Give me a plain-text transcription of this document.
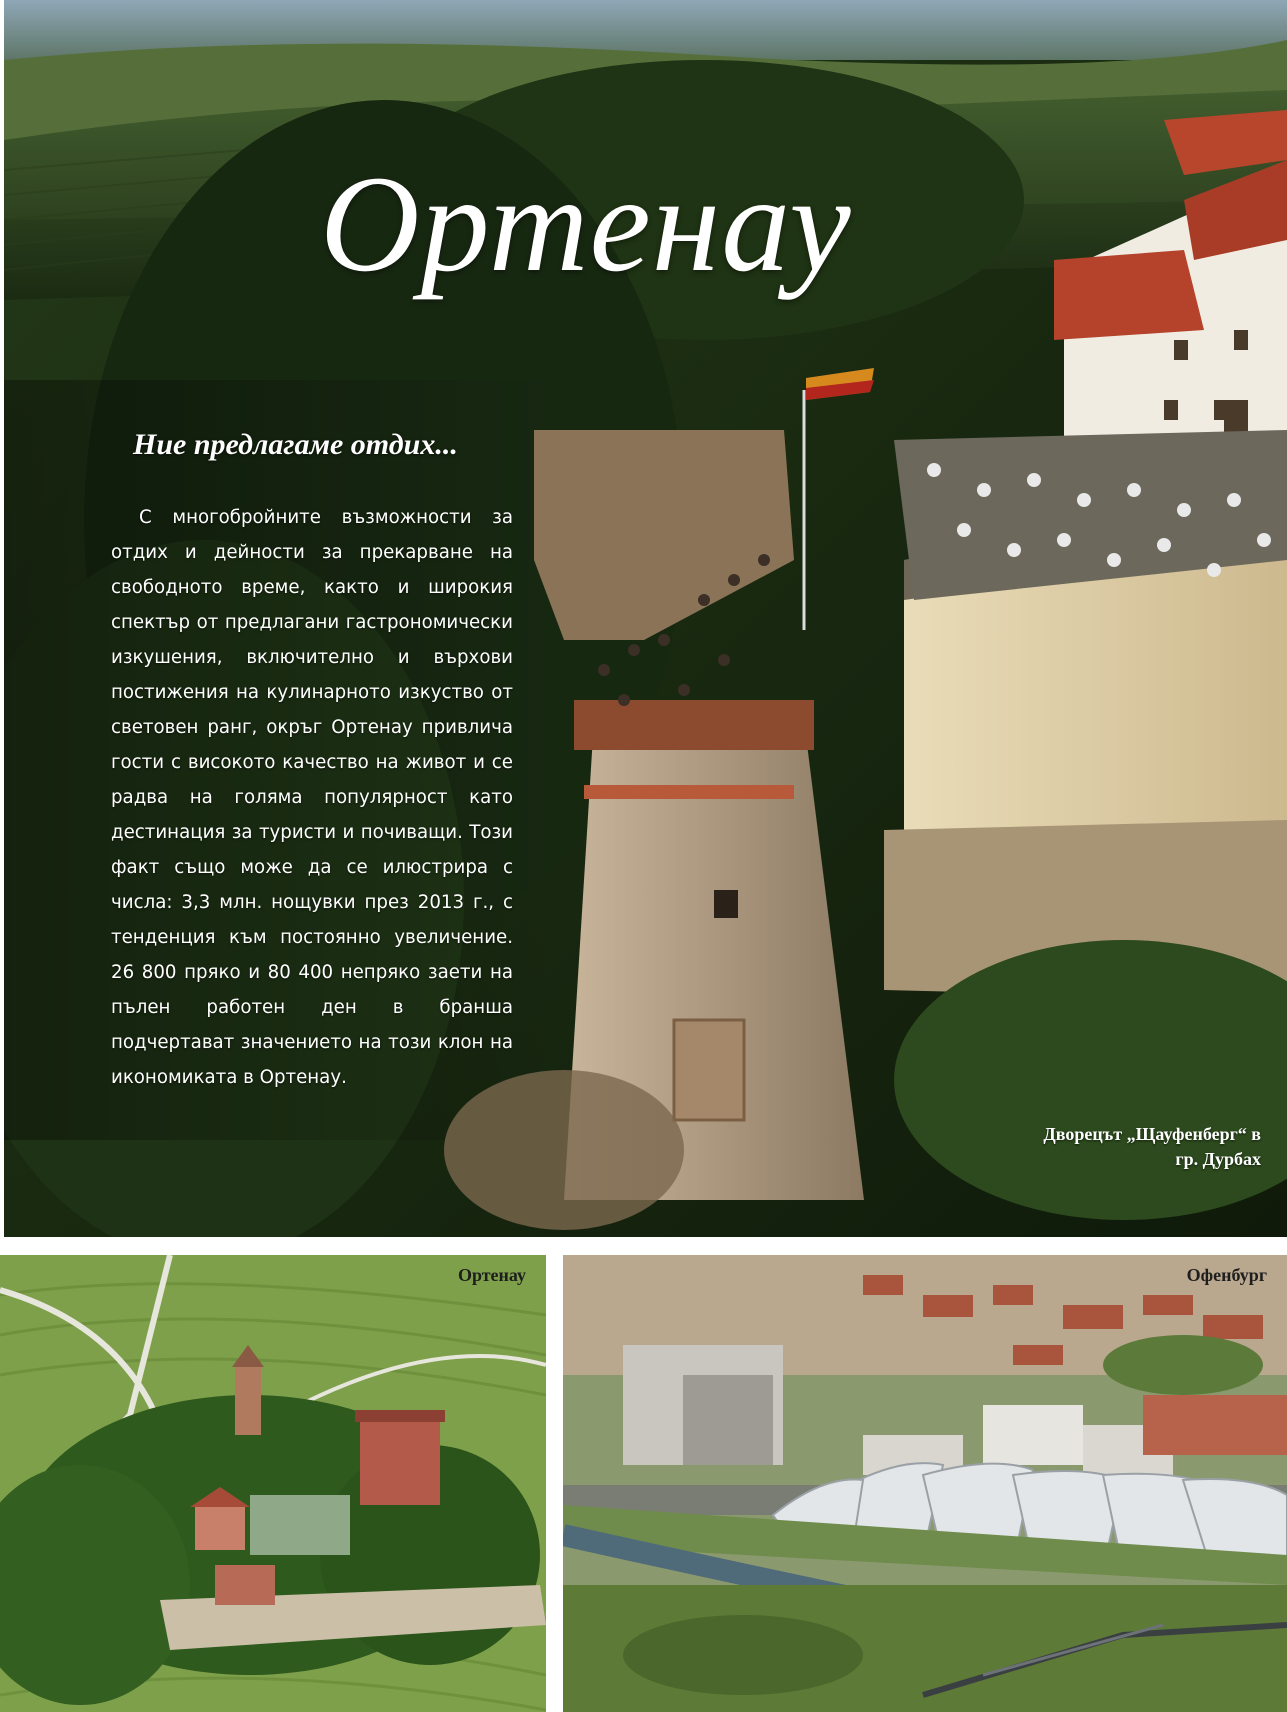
Ортенау
Ние предлагаме отдих...

С многобройните възможности за отдих и дейности за прекарване на свободното време, както и широкия спектър от предлагани гастрономически изкушения, включително и върхови постижения на кулинарното изкуство от световен ранг, окръг Ортенау привлича гости с високото качество на живот и се радва на голяма популярност като дестинация за туристи и почиващи. Този факт също може да се илюстрира с числа: 3,3 млн. нощувки през 2013 г., с тенденция към постоянно увеличение. 26 800 пряко и 80 400 непряко заети на пълен работен ден в бранша подчертават значението на този клон на икономиката в Ортенау.

Дворецът „Щауфенберг“ в
гр. Дурбах
Ортенау	Офенбург
